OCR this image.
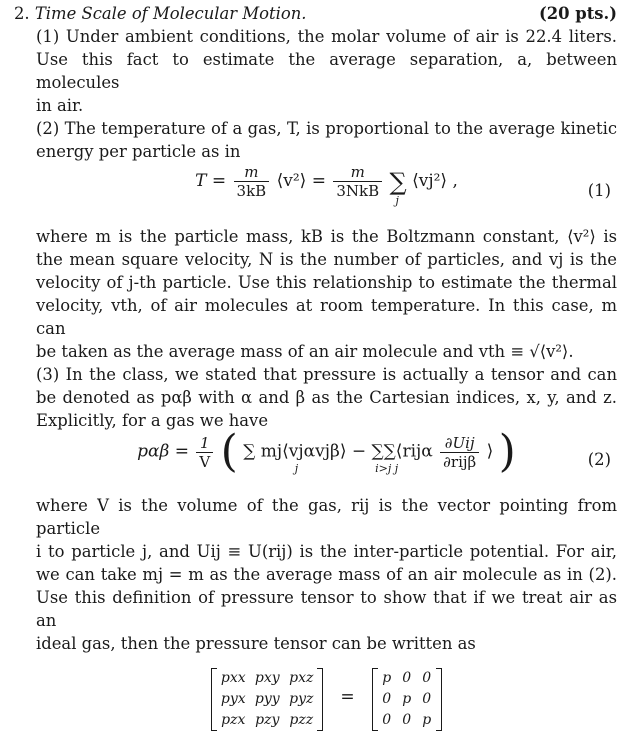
2. Time Scale of Molecular Motion.	(20 pts.)
(1) Under ambient conditions, the molar volume of air is 22.4 liters.
Use this fact to estimate the average separation, a, between molecules
in air.
(2) The temperature of a gas, T, is proportional to the average kinetic
energy per particle as in
$T = \frac{m}{3kB}$ ⟨v²⟩ = $\frac{m}{\text{3NkB}}$ ∑
j
⟨vj²⟩ ,	(1)
where m is the particle mass, kB is the Boltzmann constant, ⟨v²⟩ is
the mean square velocity, N is the number of particles, and vj is the
velocity of j-th particle. Use this relationship to estimate the thermal
velocity, vth, of air molecules at room temperature. In this case, m can
be taken as the average mass of an air molecule and vth ≡ √⟨v²⟩.
(3) In the class, we stated that pressure is actually a tensor and can
be denoted as pαβ with α and β as the Cartesian indices, x, y, and z.
Explicitly, for a gas we have
$p\alpha\beta = \frac{1}{V}$ ( ∑ mj⟨vjαvjβ⟩ − ∑∑⟨rijα $\frac{\text{∂Uij}}{\text{∂rijβ}}$ ⟩ )
j	i>j j	(2)
where V is the volume of the gas, rij is the vector pointing from particle
i to particle j, and Uij ≡ U(rij) is the inter-particle potential. For air,
we can take mj = m as the average mass of an air molecule as in (2).
Use this definition of pressure tensor to show that if we treat air as an
ideal gas, then the pressure tensor can be written as
pxx pxy pxz
pyx pyy pyz
pzx pzy pzz
=
p 0 0
0 p 0
0 0 p
